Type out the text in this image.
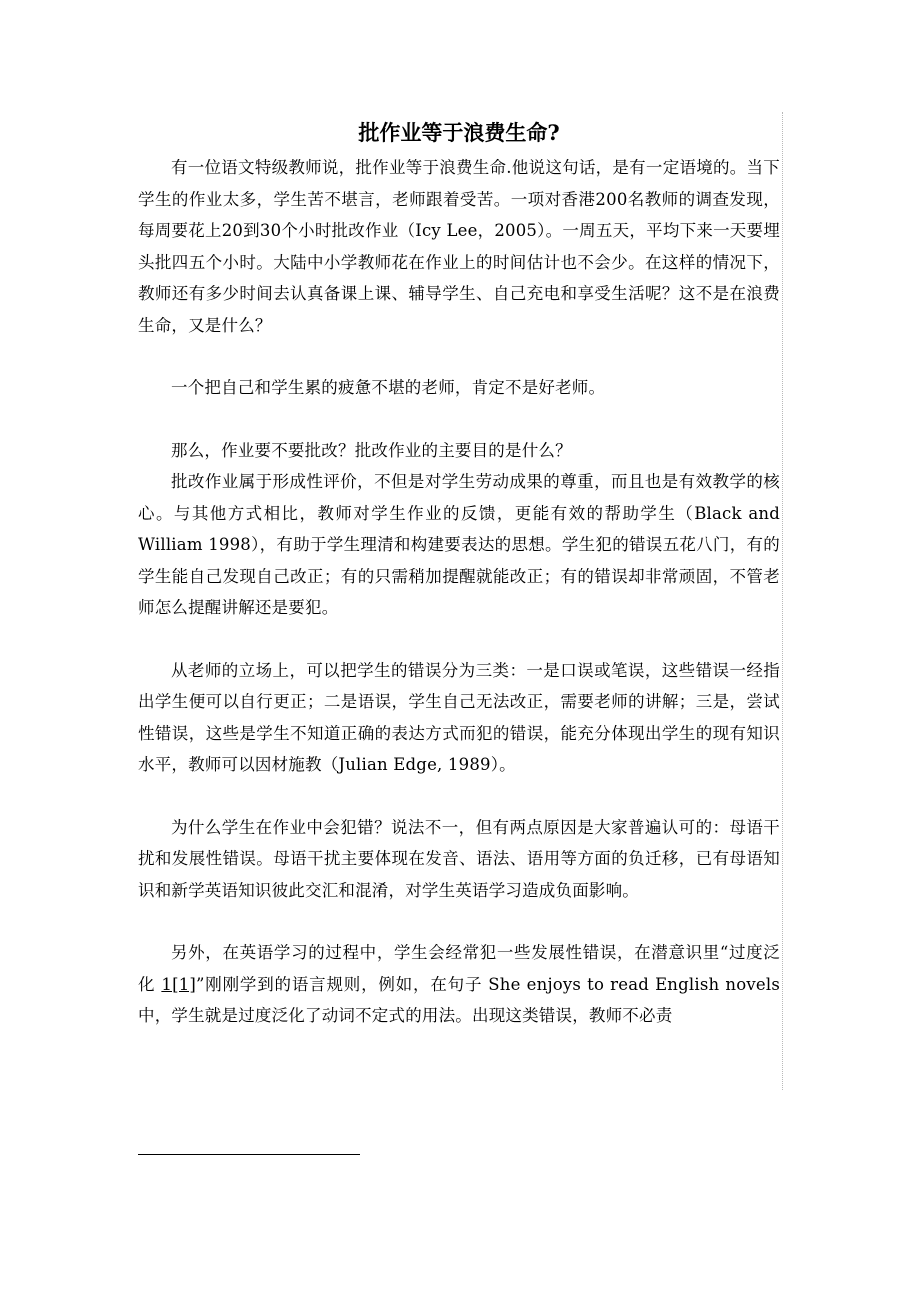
批作业等于浪费生命?

有一位语文特级教师说，批作业等于浪费生命.他说这句话，是有一定语境的。当下学生的作业太多，学生苦不堪言，老师跟着受苦。一项对香港200名教师的调查发现，每周要花上20到30个小时批改作业（Icy Lee，2005）。一周五天，平均下来一天要埋头批四五个小时。大陆中小学教师花在作业上的时间估计也不会少。在这样的情况下，教师还有多少时间去认真备课上课、辅导学生、自己充电和享受生活呢？这不是在浪费生命，又是什么？

一个把自己和学生累的疲惫不堪的老师，肯定不是好老师。

那么，作业要不要批改？批改作业的主要目的是什么？

批改作业属于形成性评价，不但是对学生劳动成果的尊重，而且也是有效教学的核心。与其他方式相比，教师对学生作业的反馈，更能有效的帮助学生（Black and William 1998），有助于学生理清和构建要表达的思想。学生犯的错误五花八门，有的学生能自己发现自己改正；有的只需稍加提醒就能改正；有的错误却非常顽固，不管老师怎么提醒讲解还是要犯。

从老师的立场上，可以把学生的错误分为三类：一是口误或笔误，这些错误一经指出学生便可以自行更正；二是语误，学生自己无法改正，需要老师的讲解；三是，尝试性错误，这些是学生不知道正确的表达方式而犯的错误，能充分体现出学生的现有知识水平，教师可以因材施教（Julian Edge, 1989）。

为什么学生在作业中会犯错？说法不一，但有两点原因是大家普遍认可的：母语干扰和发展性错误。母语干扰主要体现在发音、语法、语用等方面的负迁移，已有母语知识和新学英语知识彼此交汇和混淆，对学生英语学习造成负面影响。

另外，在英语学习的过程中，学生会经常犯一些发展性错误，在潜意识里“过度泛化 1[1]”刚刚学到的语言规则，例如，在句子 She enjoys to read English novels 中，学生就是过度泛化了动词不定式的用法。出现这类错误，教师不必责
